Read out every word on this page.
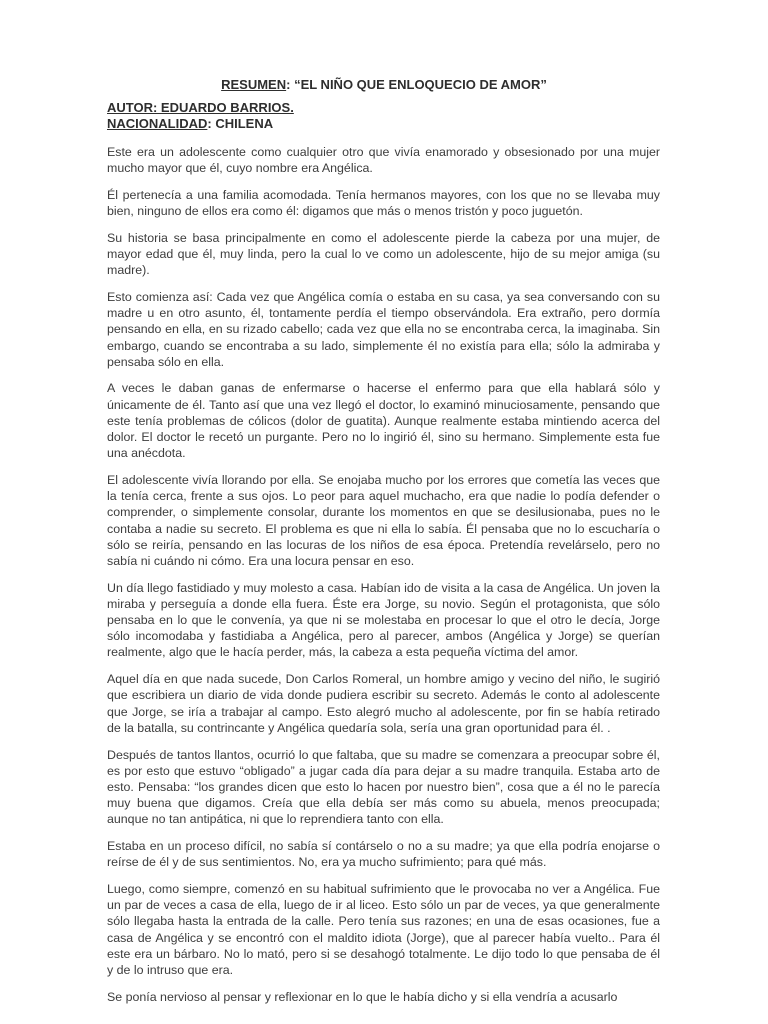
RESUMEN: “EL NIÑO QUE ENLOQUECIO DE AMOR”
AUTOR: EDUARDO BARRIOS.
NACIONALIDAD: CHILENA

Este era un adolescente como cualquier otro que vivía enamorado y obsesionado por una mujer mucho mayor que él, cuyo nombre era Angélica.

Él pertenecía a una familia acomodada. Tenía hermanos mayores, con los que no se llevaba muy bien, ninguno de ellos era como él: digamos que más o menos tristón y poco juguetón.

Su historia se basa principalmente en como el adolescente pierde la cabeza por una mujer, de mayor edad que él, muy linda, pero la cual lo ve como un adolescente, hijo de su mejor amiga (su madre).

Esto comienza así: Cada vez que Angélica comía o estaba en su casa, ya sea conversando con su madre u en otro asunto, él, tontamente perdía el tiempo observándola. Era extraño, pero dormía pensando en ella, en su rizado cabello; cada vez que ella no se encontraba cerca, la imaginaba. Sin embargo, cuando se encontraba a su lado, simplemente él no existía para ella; sólo la admiraba y pensaba sólo en ella.

A veces le daban ganas de enfermarse o hacerse el enfermo para que ella hablará sólo y únicamente de él. Tanto así que una vez llegó el doctor, lo examinó minuciosamente, pensando que este tenía problemas de cólicos (dolor de guatita). Aunque realmente estaba mintiendo acerca del dolor. El doctor le recetó un purgante. Pero no lo ingirió él, sino su hermano. Simplemente esta fue una anécdota.

El adolescente vivía llorando por ella. Se enojaba mucho por los errores que cometía las veces que la tenía cerca, frente a sus ojos. Lo peor para aquel muchacho, era que nadie lo podía defender o comprender, o simplemente consolar, durante los momentos en que se desilusionaba, pues no le contaba a nadie su secreto. El problema es que ni ella lo sabía. Él pensaba que no lo escucharía o sólo se reiría, pensando en las locuras de los niños de esa época. Pretendía revelárselo, pero no sabía ni cuándo ni cómo. Era una locura pensar en eso.

Un día llego fastidiado y muy molesto a casa. Habían ido de visita a la casa de Angélica. Un joven la miraba y perseguía a donde ella fuera. Éste era Jorge, su novio. Según el protagonista, que sólo pensaba en lo que le convenía, ya que ni se molestaba en procesar lo que el otro le decía, Jorge sólo incomodaba y fastidiaba a Angélica, pero al parecer, ambos (Angélica y Jorge) se querían realmente, algo que le hacía perder, más, la cabeza a esta pequeña víctima del amor.

Aquel día en que nada sucede, Don Carlos Romeral, un hombre amigo y vecino del niño, le sugirió que escribiera un diario de vida donde pudiera escribir su secreto. Además le conto al adolescente que Jorge, se iría a trabajar al campo. Esto alegró mucho al adolescente, por fin se había retirado de la batalla, su contrincante y Angélica quedaría sola, sería una gran oportunidad para él. .

Después de tantos llantos, ocurrió lo que faltaba, que su madre se comenzara a preocupar sobre él, es por esto que estuvo “obligado” a jugar cada día para dejar a su madre tranquila. Estaba arto de esto. Pensaba: “los grandes dicen que esto lo hacen por nuestro bien”, cosa que a él no le parecía muy buena que digamos. Creía que ella debía ser más como su abuela, menos preocupada; aunque no tan antipática, ni que lo reprendiera tanto con ella.

Estaba en un proceso difícil, no sabía sí contárselo o no a su madre; ya que ella podría enojarse o reírse de él y de sus sentimientos. No, era ya mucho sufrimiento; para qué más.

Luego, como siempre, comenzó en su habitual sufrimiento que le provocaba no ver a Angélica. Fue un par de veces a casa de ella, luego de ir al liceo. Esto sólo un par de veces, ya que generalmente sólo llegaba hasta la entrada de la calle. Pero tenía sus razones; en una de esas ocasiones, fue a casa de Angélica y se encontró con el maldito idiota (Jorge), que al parecer había vuelto.. Para él este era un bárbaro. No lo mató, pero si se desahogó totalmente. Le dijo todo lo que pensaba de él y de lo intruso que era.

Se ponía nervioso al pensar y reflexionar en lo que le había dicho y si ella vendría a acusarlo
